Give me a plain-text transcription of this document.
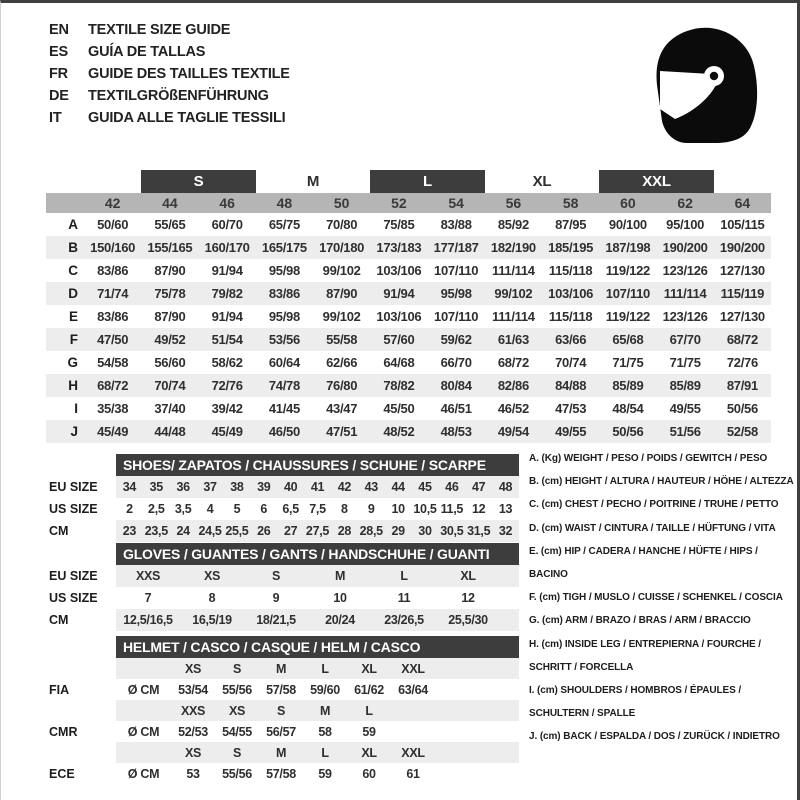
EN	TEXTILE SIZE GUIDE
ES	GUÍA DE TALLAS
FR	GUIDE DES TAILLES TEXTILE
DE	TEXTILGRÖßENFÜHRUNG
IT	GUIDA ALLE TAGLIE TESSILI
S	M	L	XL	XXL
42	44	46	48	50	52	54	56	58	60	62	64
A	50/60	55/65	60/70	65/75	70/80	75/85	83/88	85/92	87/95	90/100	95/100	105/115
B 150/160 155/165 160/170 165/175 170/180 173/183 177/187 182/190 185/195 187/198 190/200 190/200
C	83/86	87/90	91/94	95/98	99/102	103/106 107/110	111/114	115/118	119/122 123/126 127/130
D	71/74	75/78	79/82	83/86	87/90	91/94	95/98	99/102	103/106 107/110	111/114	115/119
E	83/86	87/90	91/94	95/98	99/102	103/106 107/110	111/114	115/118	119/122 123/126 127/130
F	47/50	49/52	51/54	53/56	55/58	57/60	59/62	61/63	63/66	65/68	67/70	68/72
G	54/58	56/60	58/62	60/64	62/66	64/68	66/70	68/72	70/74	71/75	71/75	72/76
H	68/72	70/74	72/76	74/78	76/80	78/82	80/84	82/86	84/88	85/89	85/89	87/91
I	35/38	37/40	39/42	41/45	43/47	45/50	46/51	46/52	47/53	48/54	49/55	50/56
J	45/49	44/48	45/49	46/50	47/51	48/52	48/53	49/54	49/55	50/56	51/56	52/58
SHOES/ ZAPATOS / CHAUSSURES / SCHUHE / SCARPE
EU SIZE	34	35	36	37	38	39	40	41	42	43	44	45	46	47	48
US SIZE	2	2,5 3,5	4	5	6	6,5 7,5	8	9	10 10,5 11,5 12	13
CM	23 23,5 24 24,5 25,5 26	27 27,5 28 28,5 29	30 30,5 31,5 32
GLOVES / GUANTES / GANTS / HANDSCHUHE / GUANTI
EU SIZE	XXS	XS	S	M	L	XL
US SIZE	7	8	9	10	11	12
CM	12,5/16,5	16,5/19	18/21,5	20/24	23/26,5	25,5/30
HELMET / CASCO / CASQUE / HELM / CASCO
XS	S	M	L	XL	XXL
FIA	Ø CM	53/54	55/56	57/58	59/60	61/62	63/64
XXS	XS	S	M	L
CMR	Ø CM	52/53	54/55	56/57	58	59
XS	S	M	L	XL	XXL
ECE	Ø CM	53	55/56	57/58	59	60	61
A. (Kg) WEIGHT / PESO / POIDS / GEWITCH / PESO
B. (cm) HEIGHT / ALTURA / HAUTEUR / HÖHE / ALTEZZA
C. (cm) CHEST / PECHO / POITRINE / TRUHE / PETTO
D. (cm) WAIST / CINTURA / TAILLE / HÜFTUNG / VITA
E. (cm) HIP / CADERA / HANCHE / HÜFTE / HIPS / BACINO
F. (cm) TIGH / MUSLO / CUISSE / SCHENKEL / COSCIA
G. (cm) ARM / BRAZO / BRAS / ARM / BRACCIO
H. (cm) INSIDE LEG / ENTREPIERNA / FOURCHE / SCHRITT / FORCELLA
I. (cm) SHOULDERS / HOMBROS / ÉPAULES / SCHULTERN / SPALLE
J. (cm) BACK / ESPALDA / DOS / ZURÜCK / INDIETRO
